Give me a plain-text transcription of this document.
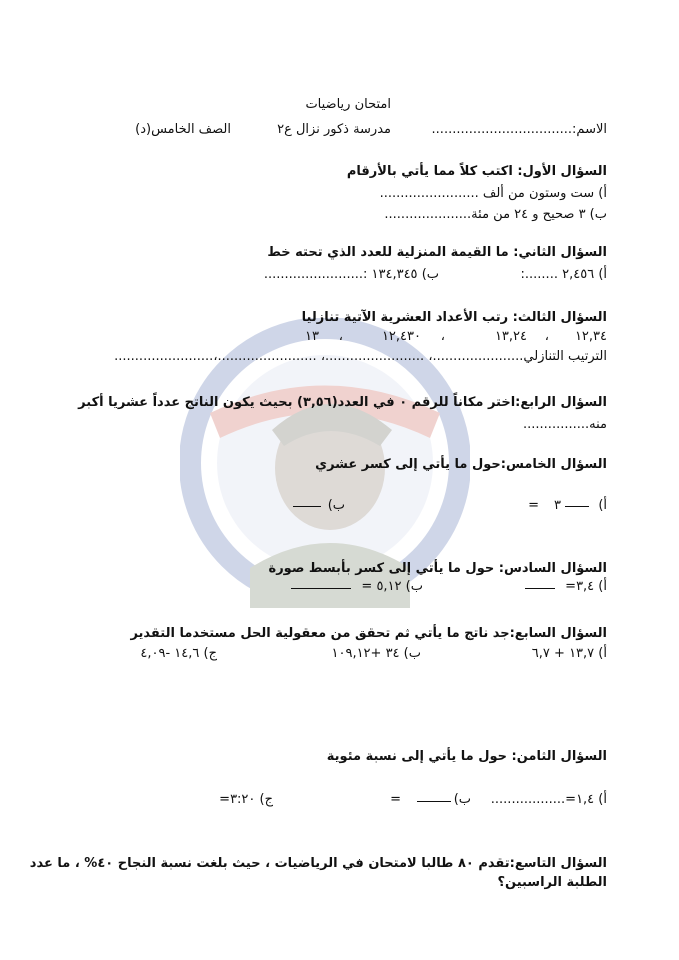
امتحان رياضيات
الاسم:..................................
مدرسة ذكور نزال ع٢
الصف الخامس(د)
السؤال الأول: اكتب كلاً مما يأتي بالأرقام
أ) ست وستون من ألف ........................
ب) ٣ صحيح و ٢٤ من مئة.....................
السؤال الثاني: ما القيمة المنزلية للعدد الذي تحته خط
أ) ٢,٤٥٦ ........:
ب) ١٣٤,٣٤٥ :........................
السؤال الثالث: رتب الأعداد العشرية الآتية تنازليا
١٢,٣٤
،
١٣,٢٤
،
١٢,٤٣٠
،
١٣
الترتيب التنازلي......................، ........................، ........................،........................
السؤال الرابع:اختر مكاناً للرقم ٠ في العدد(٣,٥٦) بحيث يكون الناتج عدداً عشريا أكبر
منه................
السؤال الخامس:حول ما يأتي إلى كسر عشري
أ)
٣
=
ب)
السؤال السادس: حول ما يأتي إلى كسر بأبسط صورة
أ) ٣,٤=
ب) ٥,١٢ =
السؤال السابع:جد ناتج ما يأتي ثم تحقق من معقولية الحل مستخدما التقدير
أ) ١٣,٧ + ٦,٧
ب) ٣٤ +١٠٩,١٢
ج) ١٤,٦ -٤,٠٩
السؤال الثامن: حول ما يأتي إلى نسبة مئوية
أ) ١,٤=..................
ب)
=
ج) ٣:٢٠=
السؤال التاسع:تقدم ٨٠ طالبا لامتحان في الرياضيات ، حيث بلغت نسبة النجاح ٤٠% ، ما عدد
الطلبة الراسبين؟
